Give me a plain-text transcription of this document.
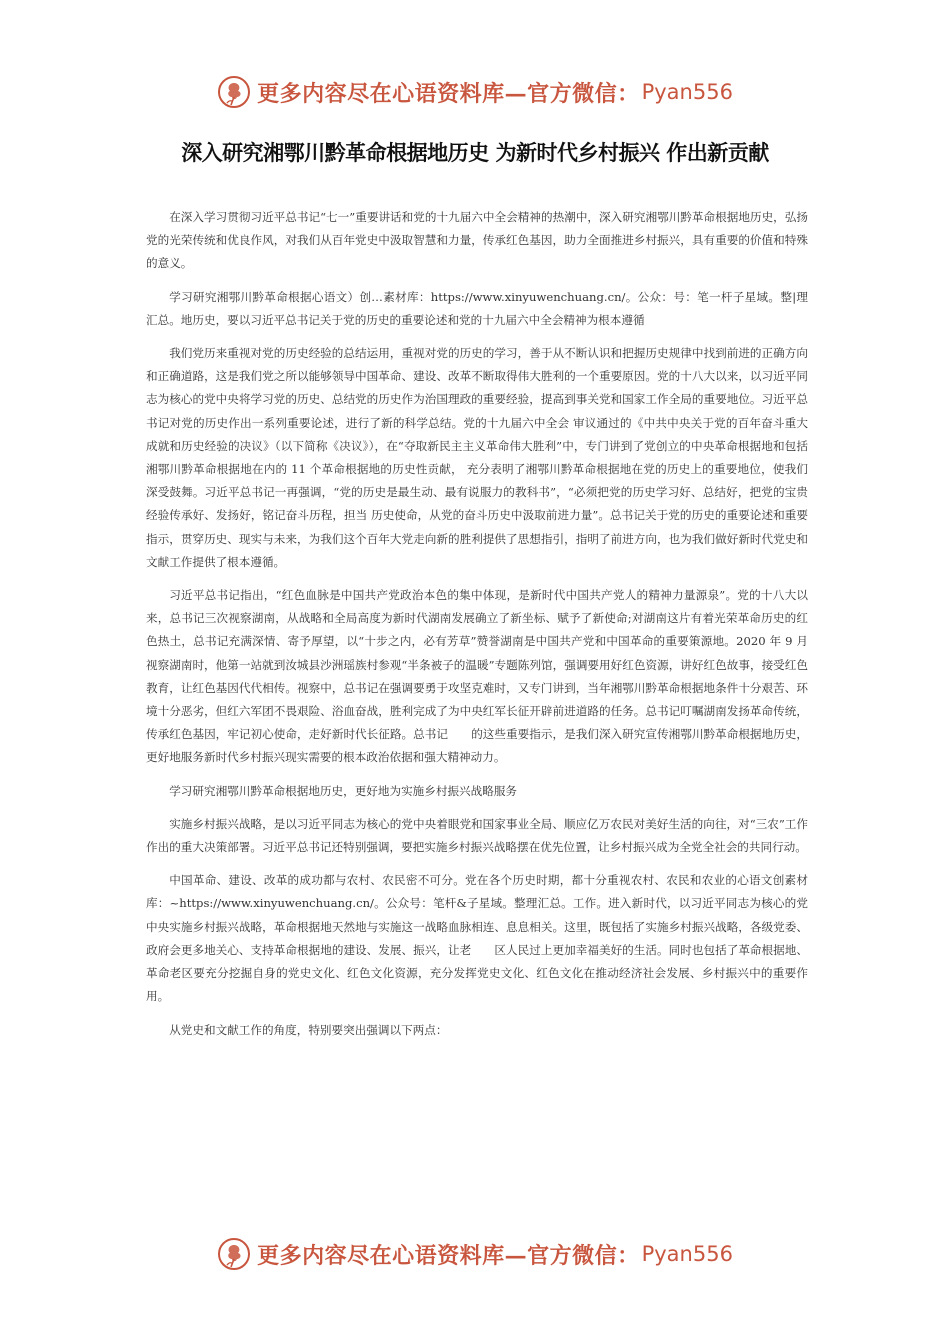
更多内容尽在心语资料库—官方微信： Pyan556
深入研究湘鄂川黔革命根据地历史 为新时代乡村振兴 作出新贡献

在深入学习贯彻习近平总书记“七一”重要讲话和党的十九届六中全会精神的热潮中，深入研究湘鄂川黔革命根据地历史，弘扬党的光荣传统和优良作风，对我们从百年党史中汲取智慧和力量，传承红色基因，助力全面推进乡村振兴，具有重要的价值和特殊的意义。

学习研究湘鄂川黔革命根据心语文）创…素材库：https://www.xinyuwenchuang.cn/。公众：号：笔一杆子星域。整|理汇总。地历史，要以习近平总书记关于党的历史的重要论述和党的十九届六中全会精神为根本遵循

我们党历来重视对党的历史经验的总结运用，重视对党的历史的学习，善于从不断认识和把握历史规律中找到前进的正确方向和正确道路，这是我们党之所以能够领导中国革命、建设、改革不断取得伟大胜利的一个重要原因。党的十八大以来，以习近平同志为核心的党中央将学习党的历史、总结党的历史作为治国理政的重要经验，提高到事关党和国家工作全局的重要地位。习近平总书记对党的历史作出一系列重要论述，进行了新的科学总结。党的十九届六中全会 审议通过的《中共中央关于党的百年奋斗重大成就和历史经验的决议》（以下简称《决议》），在“夺取新民主主义革命伟大胜利”中，专门讲到了党创立的中央革命根据地和包括湘鄂川黔革命根据地在内的 11 个革命根据地的历史性贡献， 充分表明了湘鄂川黔革命根据地在党的历史上的重要地位，使我们深受鼓舞。习近平总书记一再强调，“党的历史是最生动、最有说服力的教科书”，“必须把党的历史学习好、总结好，把党的宝贵经验传承好、发扬好，铭记奋斗历程，担当 历史使命，从党的奋斗历史中汲取前进力量”。总书记关于党的历史的重要论述和重要指示，贯穿历史、现实与未来，为我们这个百年大党走向新的胜利提供了思想指引，指明了前进方向，也为我们做好新时代党史和文献工作提供了根本遵循。

习近平总书记指出，“红色血脉是中国共产党政治本色的集中体现，是新时代中国共产党人的精神力量源泉”。党的十八大以来，总书记三次视察湖南，从战略和全局高度为新时代湖南发展确立了新坐标、赋予了新使命;对湖南这片有着光荣革命历史的红色热土，总书记充满深情、寄予厚望，以“十步之内，必有芳草”赞誉湖南是中国共产党和中国革命的重要策源地。2020 年 9 月视察湖南时，他第一站就到汝城县沙洲瑶族村参观“半条被子的温暖”专题陈列馆，强调要用好红色资源，讲好红色故事，接受红色教育，让红色基因代代相传。视察中，总书记在强调要勇于攻坚克难时，又专门讲到，当年湘鄂川黔革命根据地条件十分艰苦、环境十分恶劣，但红六军团不畏艰险、浴血奋战，胜利完成了为中央红军长征开辟前进道路的任务。总书记叮嘱湖南发扬革命传统，传承红色基因，牢记初心使命，走好新时代长征路。总书记　　的这些重要指示，是我们深入研究宣传湘鄂川黔革命根据地历史，更好地服务新时代乡村振兴现实需要的根本政治依据和强大精神动力。

学习研究湘鄂川黔革命根据地历史，更好地为实施乡村振兴战略服务

实施乡村振兴战略，是以习近平同志为核心的党中央着眼党和国家事业全局、顺应亿万农民对美好生活的向往，对“三农”工作作出的重大决策部署。习近平总书记还特别强调，要把实施乡村振兴战略摆在优先位置，让乡村振兴成为全党全社会的共同行动。

中国革命、建设、改革的成功都与农村、农民密不可分。党在各个历史时期，都十分重视农村、农民和农业的心语文创素材库：~https://www.xinyuwenchuang.cn/。公众号：笔杆&子星域。整理汇总。工作。进入新时代，以习近平同志为核心的党中央实施乡村振兴战略，革命根据地天然地与实施这一战略血脉相连、息息相关。这里，既包括了实施乡村振兴战略，各级党委、政府会更多地关心、支持革命根据地的建设、发展、振兴，让老　　区人民过上更加幸福美好的生活。同时也包括了革命根据地、革命老区要充分挖掘自身的党史文化、红色文化资源，充分发挥党史文化、红色文化在推动经济社会发展、乡村振兴中的重要作用。

从党史和文献工作的角度，特别要突出强调以下两点：

更多内容尽在心语资料库—官方微信： Pyan556
